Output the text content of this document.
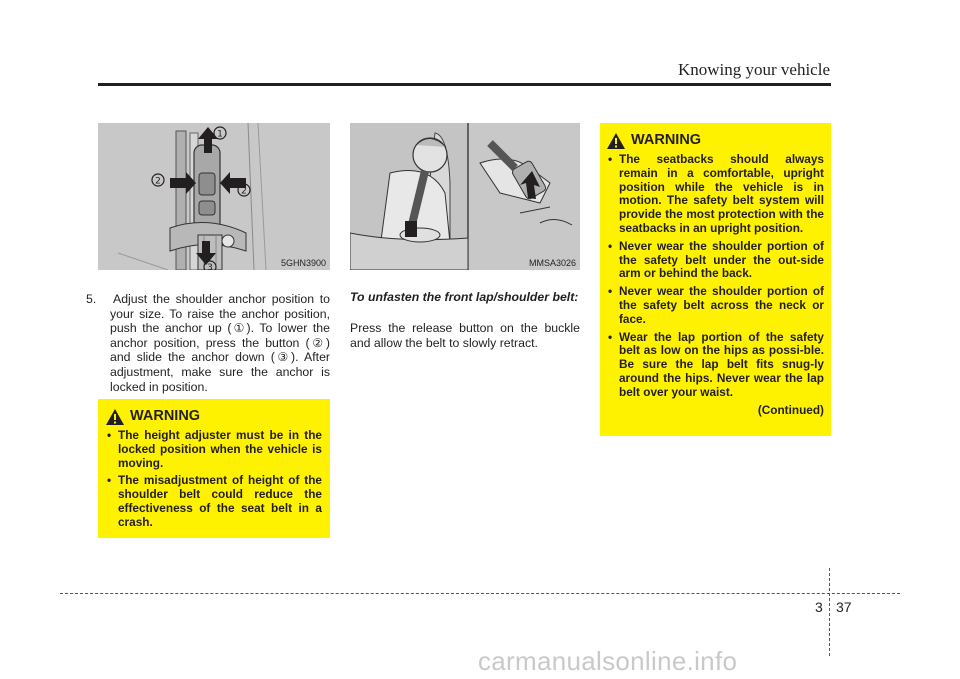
Knowing your vehicle
1
2
2
3	5GHN3900	MMSA3026

5. Adjust the shoulder anchor position to your size. To raise the anchor position, push the anchor up (①). To lower the anchor position, press the button (②) and slide the anchor down (③). After adjustment, make sure the anchor is locked in position.

To unfasten the front lap/shoulder belt:
Press the release button on the buckle and allow the belt to slowly retract.
WARNING
• The height adjuster must be in the locked position when the vehicle is moving.
• The misadjustment of height of the shoulder belt could reduce the effectiveness of the seat belt in a crash.
WARNING
• The seatbacks should always remain in a comfortable, upright position while the vehicle is in motion. The safety belt system will provide the most protection with the seatbacks in an upright position.
• Never wear the shoulder portion of the safety belt under the out-side arm or behind the back.
• Never wear the shoulder portion of the safety belt across the neck or face.
• Wear the lap portion of the safety belt as low on the hips as possi-ble. Be sure the lap belt fits snug-ly around the hips. Never wear the lap belt over your waist.
(Continued)
3 37
carmanualsonline.info
